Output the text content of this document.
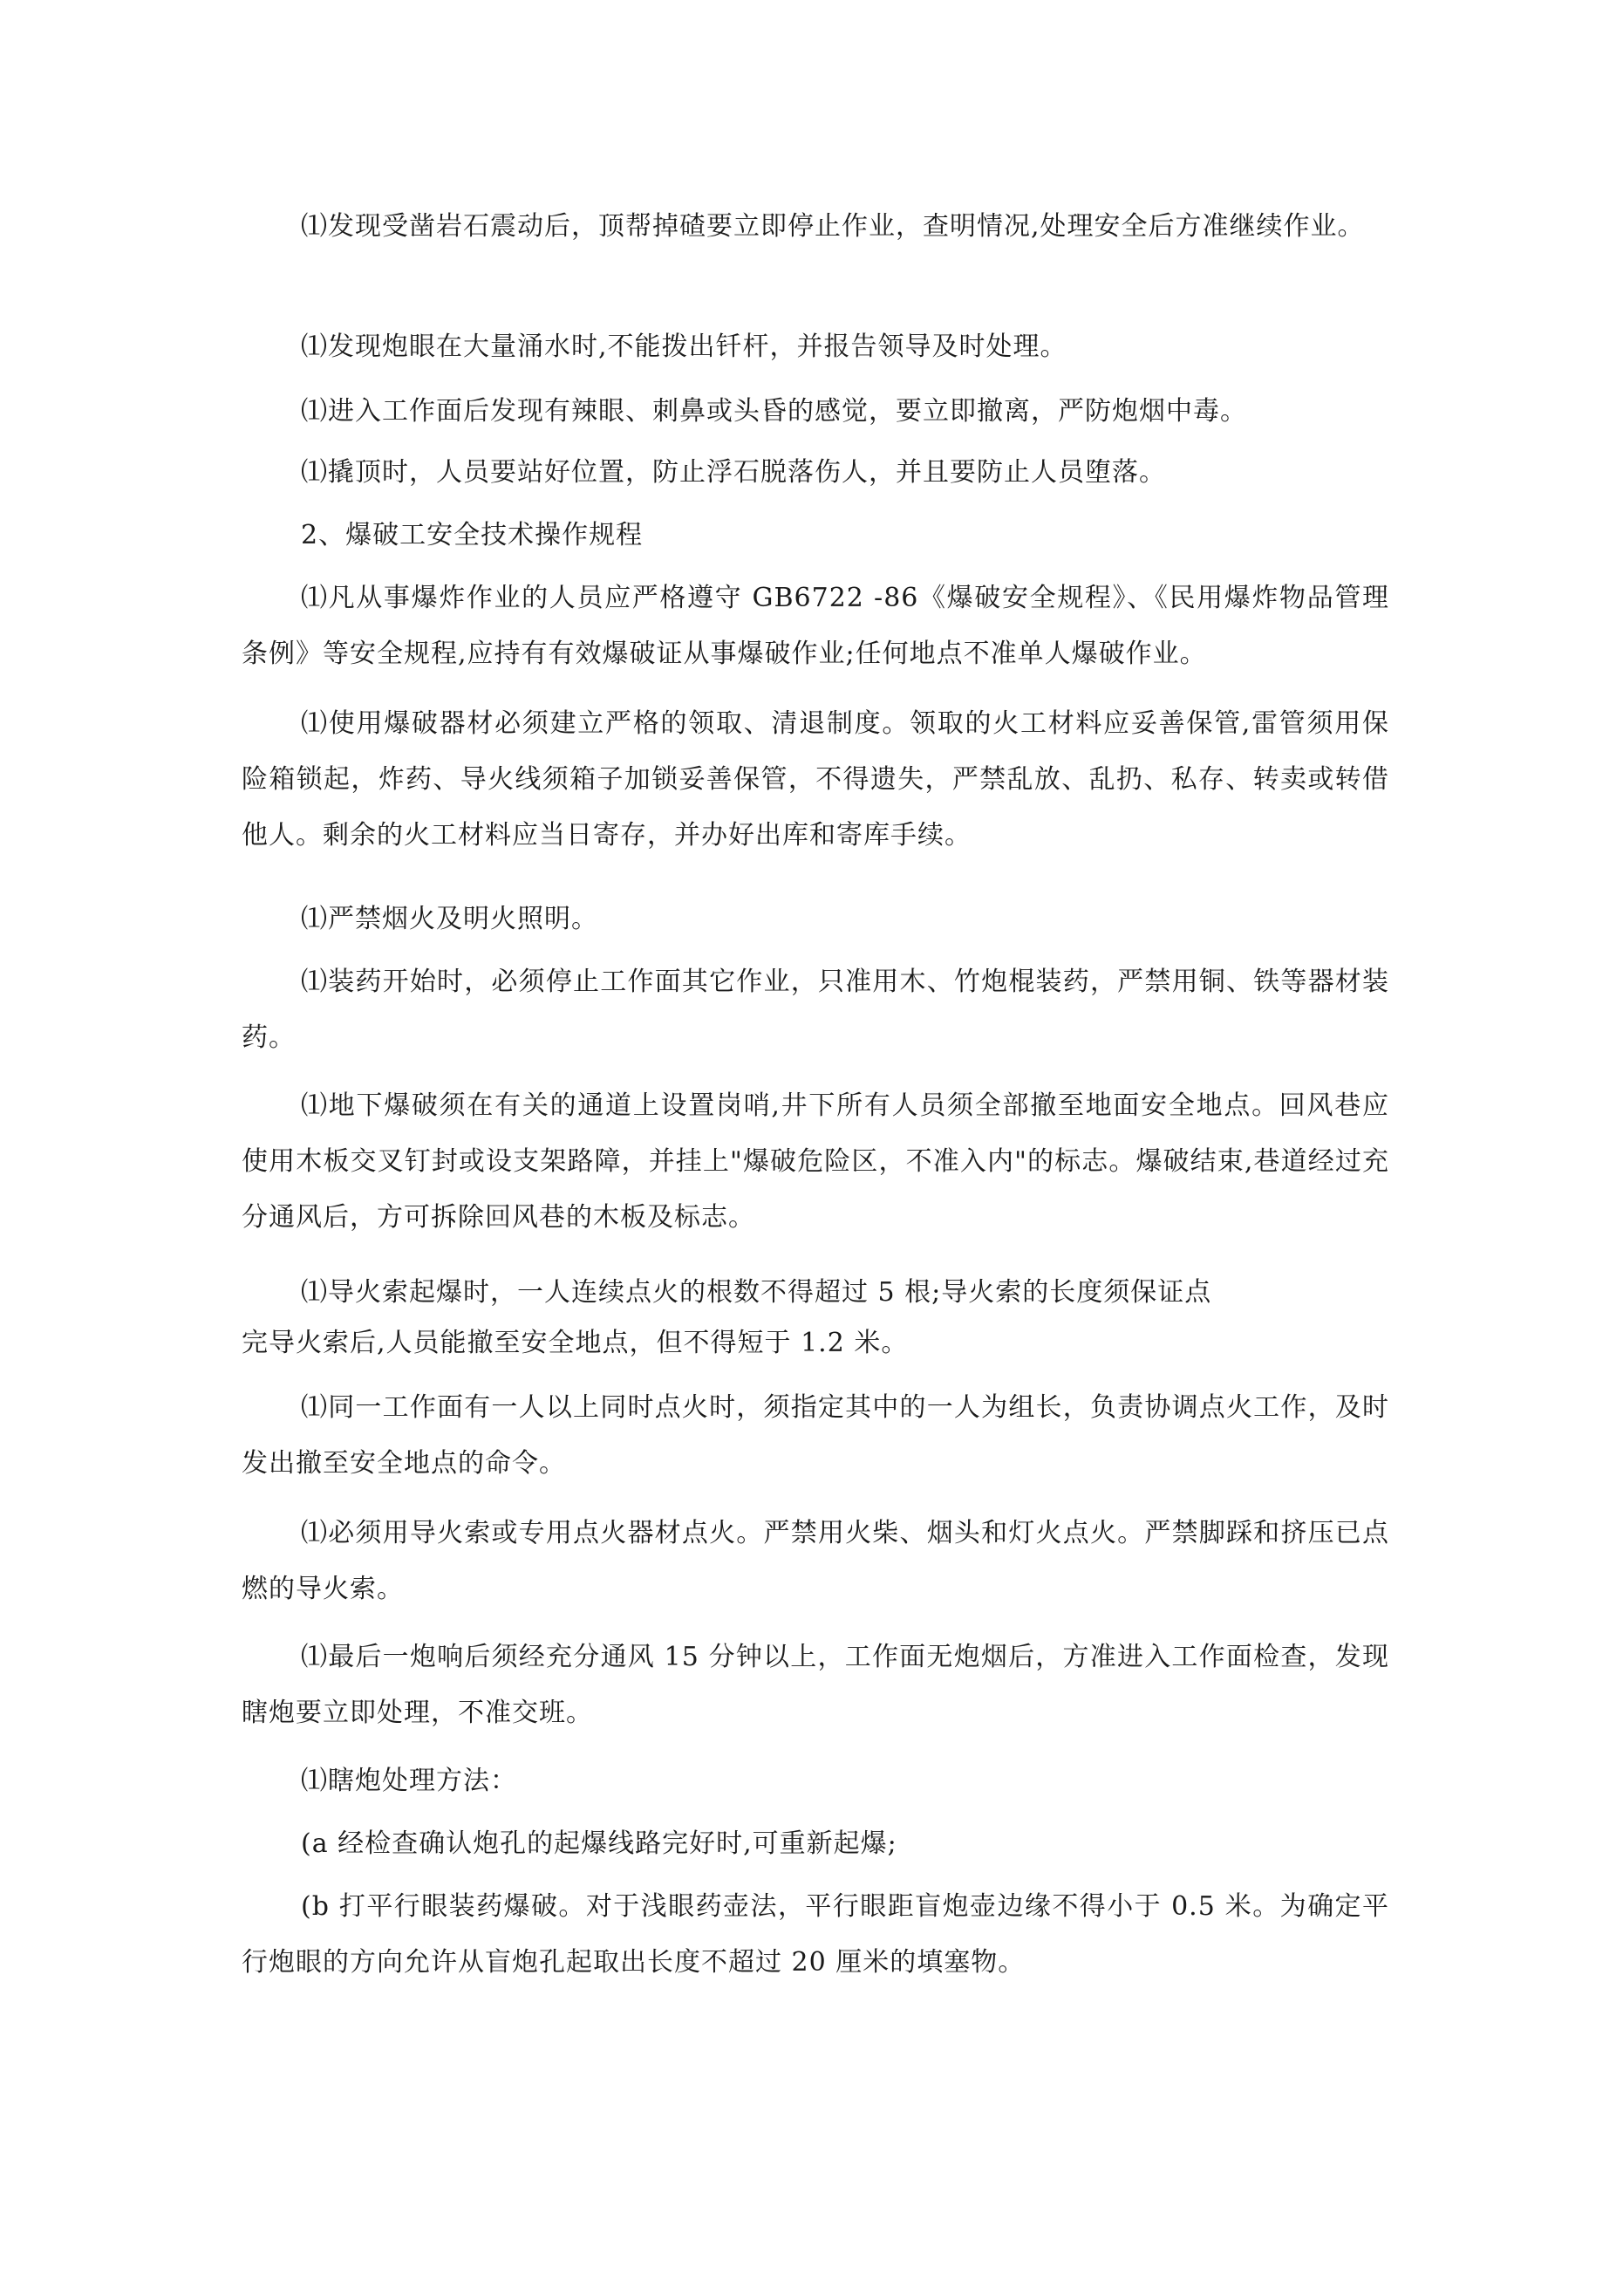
⑴发现受凿岩石震动后，顶帮掉碴要立即停止作业，查明情况,处理安全后方准继续作业。

⑴发现炮眼在大量涌水时,不能拨出钎杆，并报告领导及时处理。

⑴进入工作面后发现有辣眼、刺鼻或头昏的感觉，要立即撤离，严防炮烟中毒。

⑴撬顶时，人员要站好位置，防止浮石脱落伤人，并且要防止人员堕落。

2、爆破工安全技术操作规程

⑴凡从事爆炸作业的人员应严格遵守 GB6722 -86《爆破安全规程》、《民用爆炸物品管理条例》等安全规程,应持有有效爆破证从事爆破作业;任何地点不准单人爆破作业。

⑴使用爆破器材必须建立严格的领取、清退制度。领取的火工材料应妥善保管,雷管须用保险箱锁起，炸药、导火线须箱子加锁妥善保管，不得遗失，严禁乱放、乱扔、私存、转卖或转借他人。剩余的火工材料应当日寄存，并办好出库和寄库手续。

⑴严禁烟火及明火照明。

⑴装药开始时，必须停止工作面其它作业，只准用木、竹炮棍装药，严禁用铜、铁等器材装药。

⑴地下爆破须在有关的通道上设置岗哨,井下所有人员须全部撤至地面安全地点。回风巷应使用木板交叉钉封或设支架路障，并挂上"爆破危险区，不准入内"的标志。爆破结束,巷道经过充分通风后，方可拆除回风巷的木板及标志。

⑴导火索起爆时，一人连续点火的根数不得超过 5 根;导火索的长度须保证点

完导火索后,人员能撤至安全地点，但不得短于 1.2 米。

⑴同一工作面有一人以上同时点火时，须指定其中的一人为组长，负责协调点火工作，及时发出撤至安全地点的命令。

⑴必须用导火索或专用点火器材点火。严禁用火柴、烟头和灯火点火。严禁脚踩和挤压已点燃的导火索。

⑴最后一炮响后须经充分通风 15 分钟以上，工作面无炮烟后，方准进入工作面检查，发现瞎炮要立即处理，不准交班。

⑴瞎炮处理方法：

(a 经检查确认炮孔的起爆线路完好时,可重新起爆;

(b 打平行眼装药爆破。对于浅眼药壶法，平行眼距盲炮壶边缘不得小于 0.5 米。为确定平行炮眼的方向允许从盲炮孔起取出长度不超过 20 厘米的填塞物。
